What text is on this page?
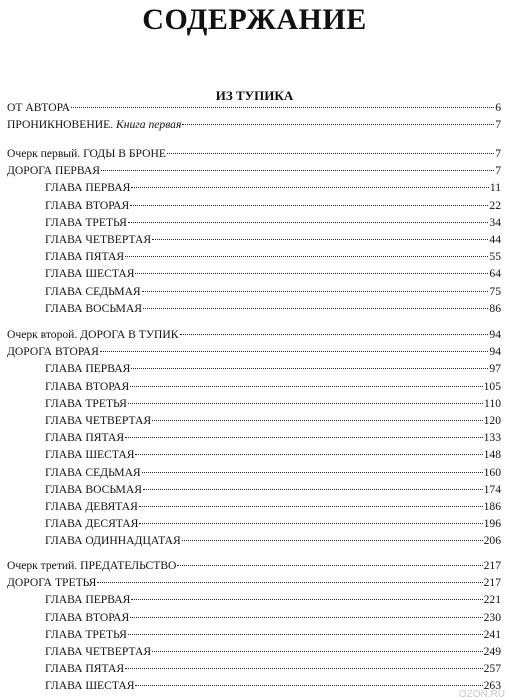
СОДЕРЖАНИЕ
ИЗ ТУПИКА
ОТ АВТОРА	6
ПРОНИКНОВЕНИЕ. Книга первая	7
Очерк первый. ГОДЫ В БРОНЕ	7
ДОРОГА ПЕРВАЯ	7
ГЛАВА ПЕРВАЯ	11
ГЛАВА ВТОРАЯ	22
ГЛАВА ТРЕТЬЯ	34
ГЛАВА ЧЕТВЕРТАЯ	44
ГЛАВА ПЯТАЯ	55
ГЛАВА ШЕСТАЯ	64
ГЛАВА СЕДЬМАЯ	75
ГЛАВА ВОСЬМАЯ	86
Очерк второй. ДОРОГА В ТУПИК	94
ДОРОГА ВТОРАЯ	94
ГЛАВА ПЕРВАЯ	97
ГЛАВА ВТОРАЯ	105
ГЛАВА ТРЕТЬЯ	110
ГЛАВА ЧЕТВЕРТАЯ	120
ГЛАВА ПЯТАЯ	133
ГЛАВА ШЕСТАЯ	148
ГЛАВА СЕДЬМАЯ	160
ГЛАВА ВОСЬМАЯ	174
ГЛАВА ДЕВЯТАЯ	186
ГЛАВА ДЕСЯТАЯ	196
ГЛАВА ОДИННАДЦАТАЯ	206
Очерк третий. ПРЕДАТЕЛЬСТВО	217
ДОРОГА ТРЕТЬЯ	217
ГЛАВА ПЕРВАЯ	221
ГЛАВА ВТОРАЯ	230
ГЛАВА ТРЕТЬЯ	241
ГЛАВА ЧЕТВЕРТАЯ	249
ГЛАВА ПЯТАЯ	257
ГЛАВА ШЕСТАЯ	263
OZON.RU
